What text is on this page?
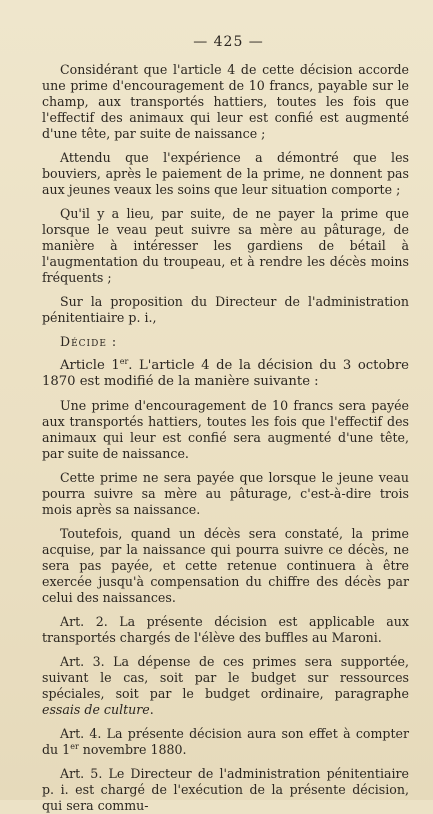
— 425 —

Considérant que l'article 4 de cette décision accorde une prime d'encouragement de 10 francs, payable sur le champ, aux transportés hattiers, toutes les fois que l'effectif des animaux qui leur est confié est augmenté d'une tête, par suite de naissance ;

Attendu que l'expérience a démontré que les bouviers, après le paiement de la prime, ne donnent pas aux jeunes veaux les soins que leur situation comporte ;

Qu'il y a lieu, par suite, de ne payer la prime que lorsque le veau peut suivre sa mère au pâturage, de manière à intéresser les gardiens de bétail à l'augmentation du troupeau, et à rendre les décès moins fréquents ;

Sur la proposition du Directeur de l'administration pénitentiaire p. i.,

Décide :

Article 1er. L'article 4 de la décision du 3 octobre 1870 est modifié de la manière suivante :

Une prime d'encouragement de 10 francs sera payée aux transportés hattiers, toutes les fois que l'effectif des animaux qui leur est confié sera augmenté d'une tête, par suite de naissance.

Cette prime ne sera payée que lorsque le jeune veau pourra suivre sa mère au pâturage, c'est-à-dire trois mois après sa naissance.

Toutefois, quand un décès sera constaté, la prime acquise, par la naissance qui pourra suivre ce décès, ne sera pas payée, et cette retenue continuera à être exercée jusqu'à compensation du chiffre des décès par celui des naissances.

Art. 2. La présente décision est applicable aux transportés chargés de l'élève des buffles au Maroni.

Art. 3. La dépense de ces primes sera supportée, suivant le cas, soit par le budget sur ressources spéciales, soit par le budget ordinaire, paragraphe essais de culture.

Art. 4. La présente décision aura son effet à compter du 1er novembre 1880.

Art. 5. Le Directeur de l'administration pénitentiaire p. i. est chargé de l'exécution de la présente décision, qui sera commu-
